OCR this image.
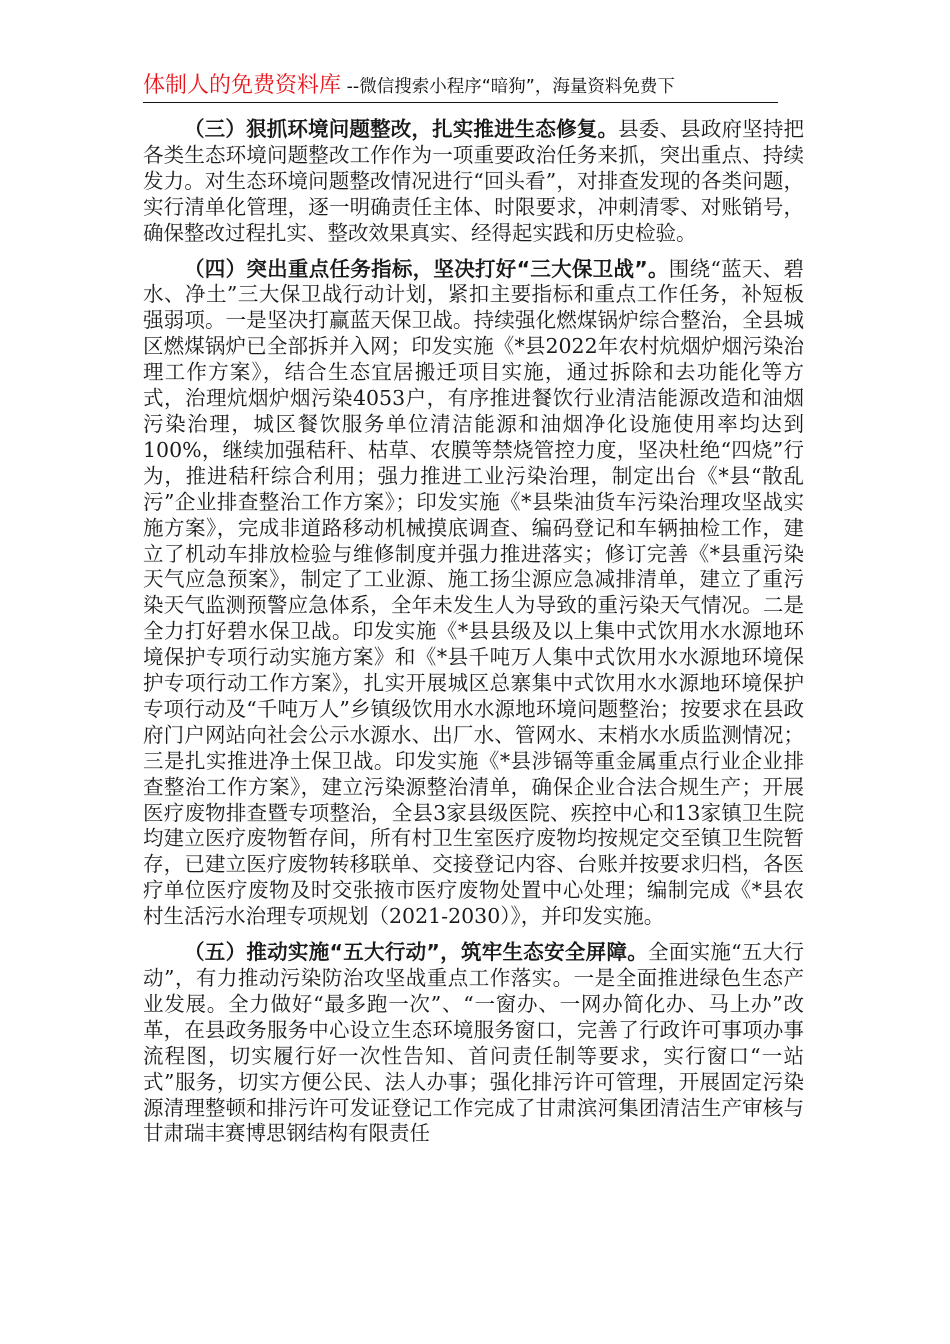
体制人的免费资料库 --微信搜索小程序“暗狗”，海量资料免费下

（三）狠抓环境问题整改，扎实推进生态修复。县委、县政府坚持把各类生态环境问题整改工作作为一项重要政治任务来抓，突出重点、持续发力。对生态环境问题整改情况进行“回头看”，对排查发现的各类问题，实行清单化管理，逐一明确责任主体、时限要求，冲刺清零、对账销号，确保整改过程扎实、整改效果真实、经得起实践和历史检验。

（四）突出重点任务指标，坚决打好“三大保卫战”。围绕“蓝天、碧水、净土”三大保卫战行动计划，紧扣主要指标和重点工作任务，补短板强弱项。一是坚决打赢蓝天保卫战。持续强化燃煤锅炉综合整治，全县城区燃煤锅炉已全部拆并入网；印发实施《*县2022年农村炕烟炉烟污染治理工作方案》，结合生态宜居搬迁项目实施，通过拆除和去功能化等方式，治理炕烟炉烟污染4053户，有序推进餐饮行业清洁能源改造和油烟污染治理，城区餐饮服务单位清洁能源和油烟净化设施使用率均达到100%，继续加强秸秆、枯草、农膜等禁烧管控力度，坚决杜绝“四烧”行为，推进秸秆综合利用；强力推进工业污染治理，制定出台《*县“散乱污”企业排查整治工作方案》；印发实施《*县柴油货车污染治理攻坚战实施方案》，完成非道路移动机械摸底调查、编码登记和车辆抽检工作，建立了机动车排放检验与维修制度并强力推进落实；修订完善《*县重污染天气应急预案》，制定了工业源、施工扬尘源应急减排清单，建立了重污染天气监测预警应急体系，全年未发生人为导致的重污染天气情况。二是全力打好碧水保卫战。印发实施《*县县级及以上集中式饮用水水源地环境保护专项行动实施方案》和《*县千吨万人集中式饮用水水源地环境保护专项行动工作方案》，扎实开展城区总寨集中式饮用水水源地环境保护专项行动及“千吨万人”乡镇级饮用水水源地环境问题整治；按要求在县政府门户网站向社会公示水源水、出厂水、管网水、末梢水水质监测情况；三是扎实推进净土保卫战。印发实施《*县涉镉等重金属重点行业企业排查整治工作方案》，建立污染源整治清单，确保企业合法合规生产；开展医疗废物排查暨专项整治，全县3家县级医院、疾控中心和13家镇卫生院均建立医疗废物暂存间，所有村卫生室医疗废物均按规定交至镇卫生院暂存，已建立医疗废物转移联单、交接登记内容、台账并按要求归档，各医疗单位医疗废物及时交张掖市医疗废物处置中心处理；编制完成《*县农村生活污水治理专项规划（2021-2030）》，并印发实施。

（五）推动实施“五大行动”，筑牢生态安全屏障。全面实施“五大行动”，有力推动污染防治攻坚战重点工作落实。一是全面推进绿色生态产业发展。全力做好“最多跑一次”、“一窗办、一网办简化办、马上办”改革，在县政务服务中心设立生态环境服务窗口，完善了行政许可事项办事流程图，切实履行好一次性告知、首问责任制等要求，实行窗口“一站式”服务，切实方便公民、法人办事；强化排污许可管理，开展固定污染源清理整顿和排污许可发证登记工作完成了甘肃滨河集团清洁生产审核与甘肃瑞丰赛博思钢结构有限责任
